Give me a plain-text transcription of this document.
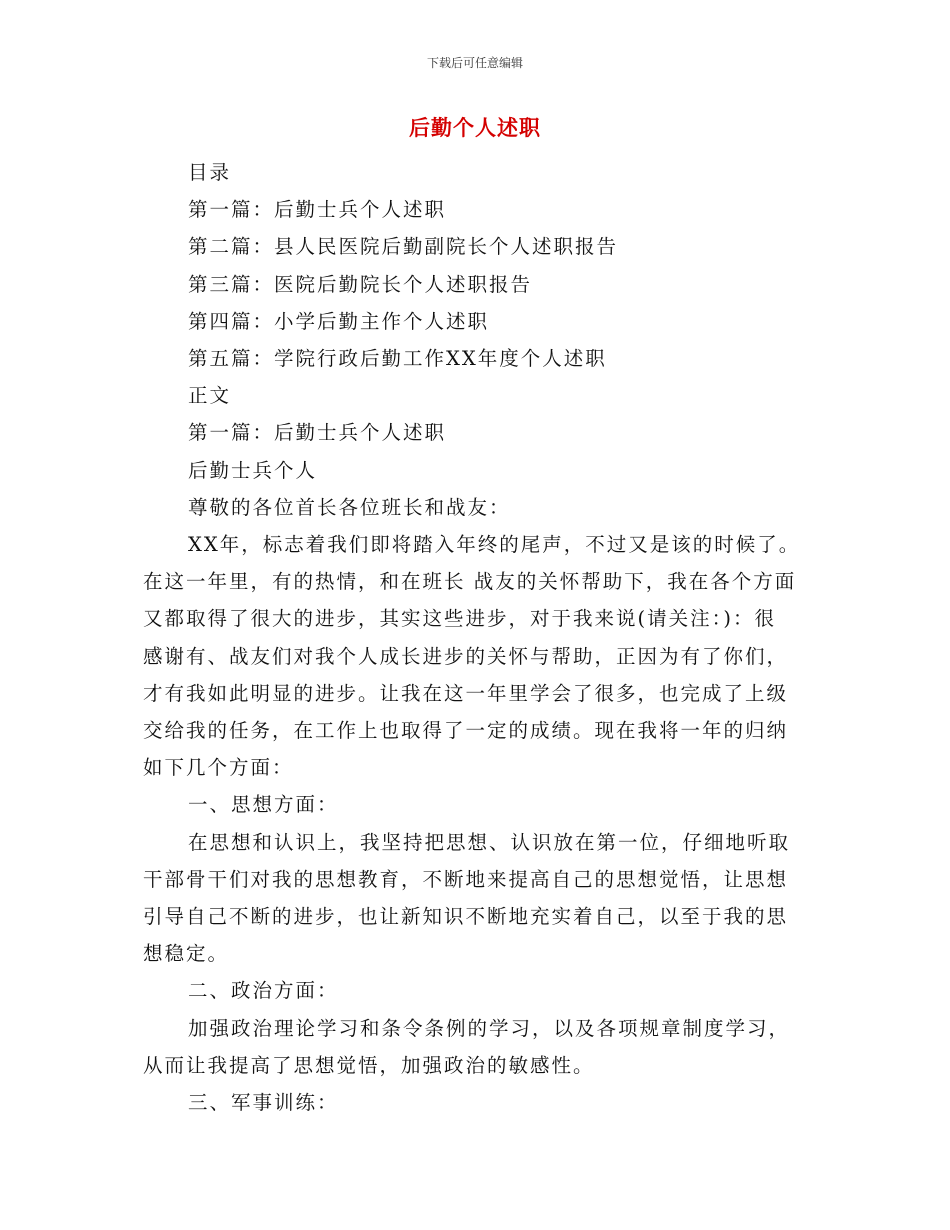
下载后可任意编辑
后勤个人述职
目录
第一篇：后勤士兵个人述职
第二篇：县人民医院后勤副院长个人述职报告
第三篇：医院后勤院长个人述职报告
第四篇：小学后勤主作个人述职
第五篇：学院行政后勤工作XX年度个人述职
正文
第一篇：后勤士兵个人述职
后勤士兵个人
尊敬的各位首长各位班长和战友：
XX年，标志着我们即将踏入年终的尾声，不过又是该的时候了。
在这一年里，有的热情，和在班长 战友的关怀帮助下，我在各个方面
又都取得了很大的进步，其实这些进步，对于我来说(请关注：)：很
感谢有、战友们对我个人成长进步的关怀与帮助，正因为有了你们，
才有我如此明显的进步。让我在这一年里学会了很多，也完成了上级
交给我的任务，在工作上也取得了一定的成绩。现在我将一年的归纳
如下几个方面：
一、思想方面：
在思想和认识上，我坚持把思想、认识放在第一位，仔细地听取
干部骨干们对我的思想教育，不断地来提高自己的思想觉悟，让思想
引导自己不断的进步，也让新知识不断地充实着自己，以至于我的思
想稳定。
二、政治方面：
加强政治理论学习和条令条例的学习，以及各项规章制度学习，
从而让我提高了思想觉悟，加强政治的敏感性。
三、军事训练：
